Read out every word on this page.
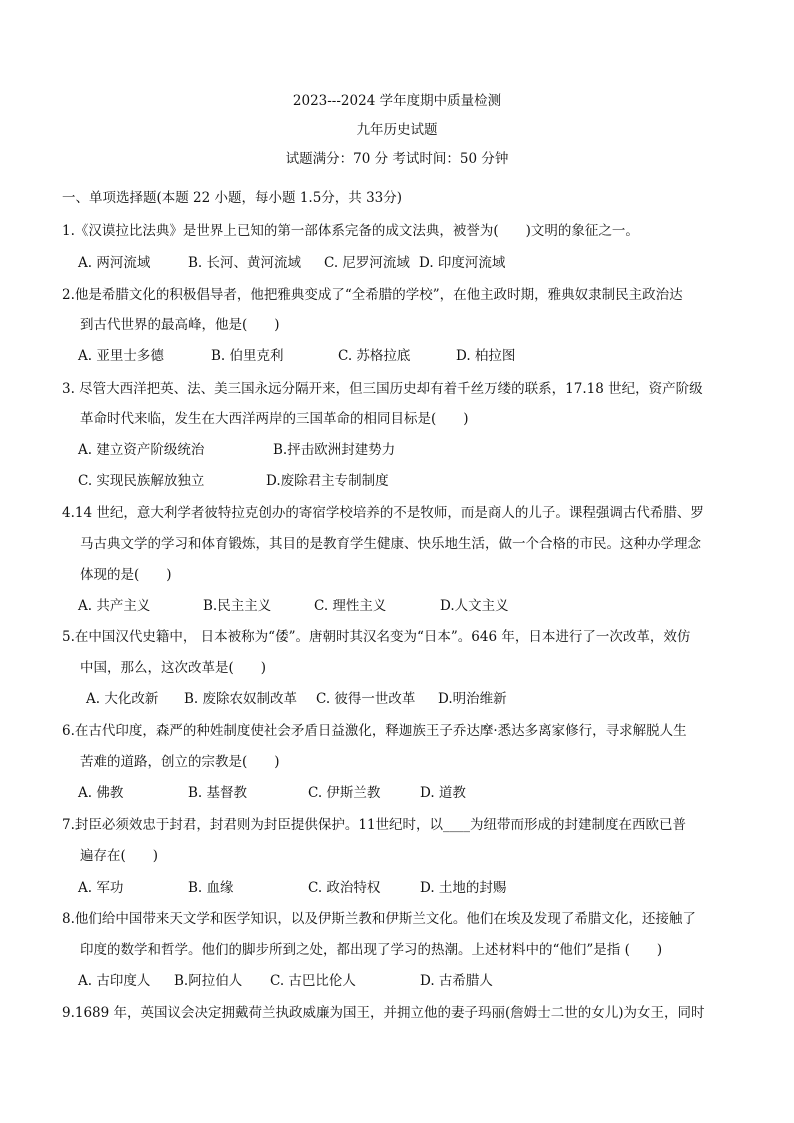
2023---2024 学年度期中质量检测
九年历史试题
试题满分：70 分 考试时间：50 分钟
一、单项选择题(本题 22 小题，每小题 1.5分，共 33分)
1.《汉谟拉比法典》是世界上已知的第一部体系完备的成文法典，被誉为(　　)文明的象征之一。
A. 两河流域	B. 长河、黄河流域 C. 尼罗河流域 D. 印度河流域
2.他是希腊文化的积极倡导者，他把雅典变成了“全希腊的学校”，在他主政时期，雅典奴隶制民主政治达
到古代世界的最高峰，他是(　　)
A. 亚里士多德	B. 伯里克利	C. 苏格拉底	D. 柏拉图
3. 尽管大西洋把英、法、美三国永远分隔开来，但三国历史却有着千丝万缕的联系，17.18 世纪，资产阶级
革命时代来临，发生在大西洋两岸的三国革命的相同目标是(　　)
A. 建立资产阶级统治	B.抨击欧洲封建势力
C. 实现民族解放独立	D.废除君主专制制度
4.14 世纪，意大利学者彼特拉克创办的寄宿学校培养的不是牧师，而是商人的儿子。课程强调古代希腊、罗
马古典文学的学习和体育锻炼，其目的是教育学生健康、快乐地生活，做一个合格的市民。这种办学理念
体现的是(　　)
A. 共产主义	B.民主主义	C. 理性主义	D.人文主义
5.在中国汉代史籍中， 日本被称为“倭”。唐朝时其汉名变为“日本”。646 年，日本进行了一次改革，效仿
中国，那么，这次改革是(　　)
A. 大化改新 B. 废除农奴制改革 C. 彼得一世改革 D.明治维新
6.在古代印度，森严的种姓制度使社会矛盾日益激化，释迦族王子乔达摩·悉达多离家修行，寻求解脱人生
苦难的道路，创立的宗教是(　　)
A. 佛教	B. 基督教	C. 伊斯兰教	D. 道教
7.封臣必须效忠于封君，封君则为封臣提供保护。11世纪时，以____为纽带而形成的封建制度在西欧已普
遍存在(　　)
A. 军功	B. 血缘	C. 政治特权	D. 土地的封赐
8.他们给中国带来天文学和医学知识，以及伊斯兰教和伊斯兰文化。他们在埃及发现了希腊文化，还接触了
印度的数学和哲学。他们的脚步所到之处，都出现了学习的热潮。上述材料中的“他们”是指 (　　)
A. 古印度人 B.阿拉伯人 C. 古巴比伦人	D. 古希腊人
9.1689 年，英国议会决定拥戴荷兰执政威廉为国王，并拥立他的妻子玛丽(詹姆士二世的女儿)为女王，同时
